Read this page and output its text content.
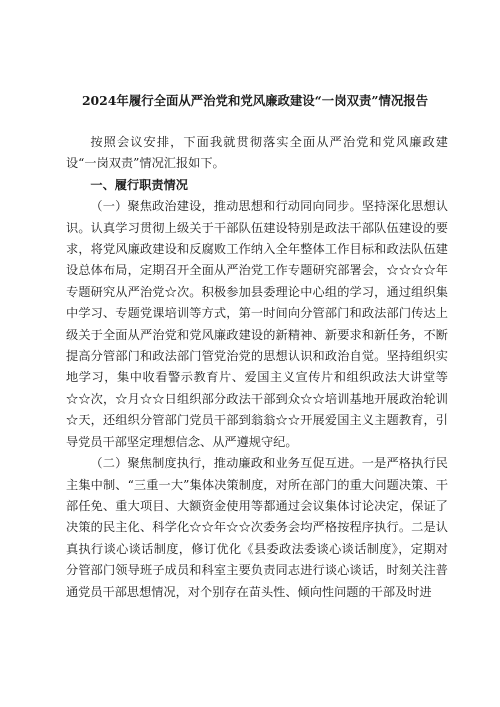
2024年履行全面从严治党和党风廉政建设“一岗双责”情况报告

按照会议安排，下面我就贯彻落实全面从严治党和党风廉政建设“一岗双责”情况汇报如下。

一、履行职责情况

（一）聚焦政治建设，推动思想和行动同向同步。坚持深化思想认识。认真学习贯彻上级关于干部队伍建设特别是政法干部队伍建设的要求，将党风廉政建设和反腐败工作纳入全年整体工作目标和政法队伍建设总体布局，定期召开全面从严治党工作专题研究部署会，☆☆☆☆年专题研究从严治党☆次。积极参加县委理论中心组的学习，通过组织集中学习、专题党课培训等方式，第一时间向分管部门和政法部门传达上级关于全面从严治党和党风廉政建设的新精神、新要求和新任务，不断提高分管部门和政法部门管党治党的思想认识和政治自觉。坚持组织实地学习，集中收看警示教育片、爱国主义宣传片和组织政法大讲堂等☆☆次，☆月☆☆日组织部分政法干部到众☆☆培训基地开展政治轮训☆天，还组织分管部门党员干部到翁翁☆☆开展爱国主义主题教育，引导党员干部坚定理想信念、从严遵规守纪。

（二）聚焦制度执行，推动廉政和业务互促互进。一是严格执行民主集中制、“三重一大”集体决策制度，对所在部门的重大问题决策、干部任免、重大项目、大额资金使用等都通过会议集体讨论决定，保证了决策的民主化、科学化☆☆年☆☆次委务会均严格按程序执行。二是认真执行谈心谈话制度，修订优化《县委政法委谈心谈话制度》，定期对分管部门领导班子成员和科室主要负责同志进行谈心谈话，时刻关注普通党员干部思想情况，对个别存在苗头性、倾向性问题的干部及时进
